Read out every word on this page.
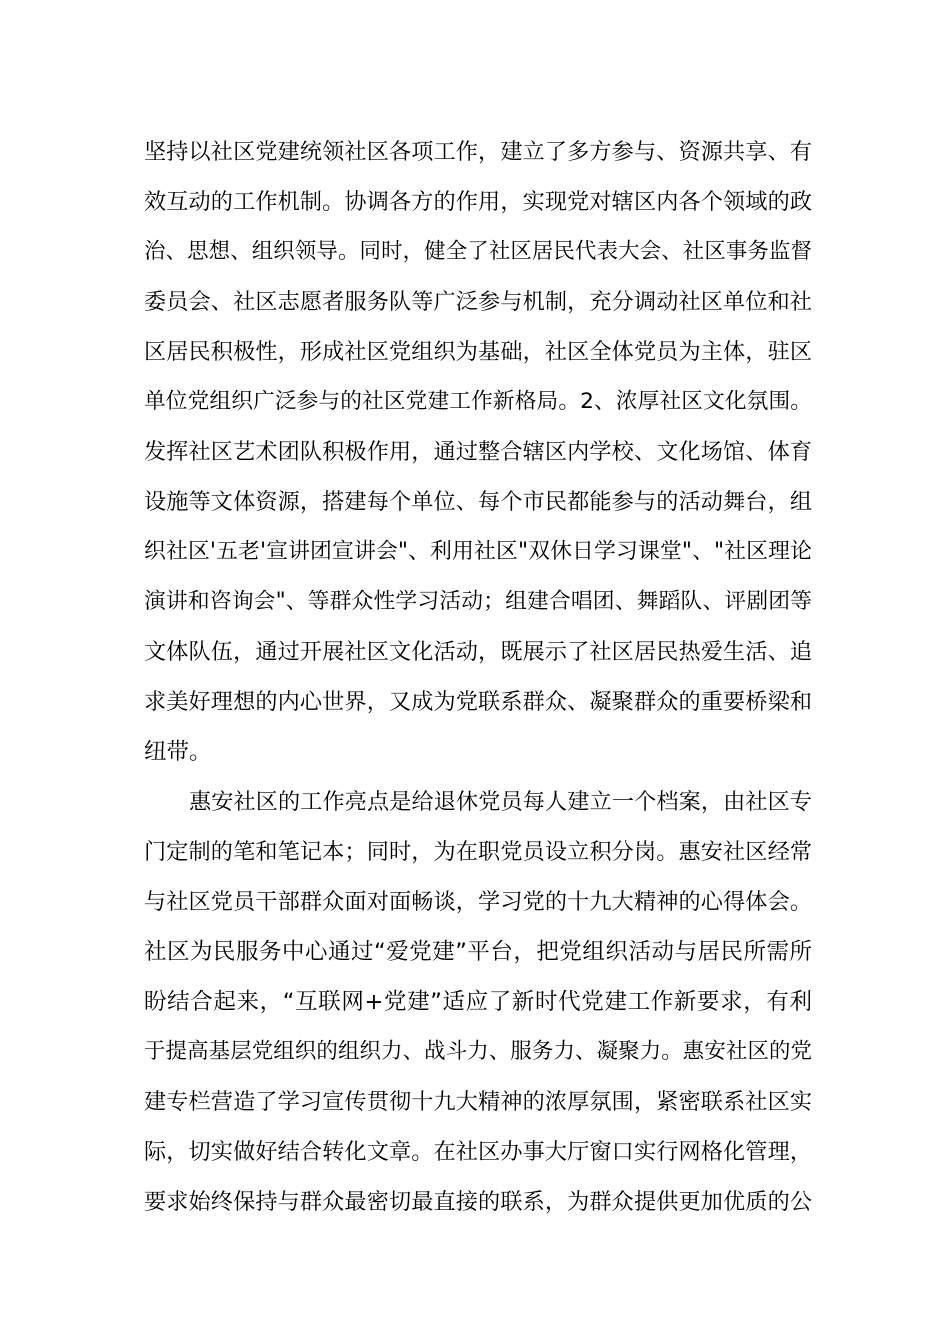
坚持以社区党建统领社区各项工作，建立了多方参与、资源共享、有
效互动的工作机制。协调各方的作用，实现党对辖区内各个领域的政
治、思想、组织领导。同时，健全了社区居民代表大会、社区事务监督
委员会、社区志愿者服务队等广泛参与机制，充分调动社区单位和社
区居民积极性，形成社区党组织为基础，社区全体党员为主体，驻区
单位党组织广泛参与的社区党建工作新格局。2、浓厚社区文化氛围。
发挥社区艺术团队积极作用，通过整合辖区内学校、文化场馆、体育
设施等文体资源，搭建每个单位、每个市民都能参与的活动舞台，组
织社区'五老'宣讲团宣讲会"、利用社区"双休日学习课堂"、"社区理论
演讲和咨询会"、等群众性学习活动；组建合唱团、舞蹈队、评剧团等
文体队伍，通过开展社区文化活动，既展示了社区居民热爱生活、追
求美好理想的内心世界，又成为党联系群众、凝聚群众的重要桥梁和
纽带。
惠安社区的工作亮点是给退休党员每人建立一个档案，由社区专
门定制的笔和笔记本；同时，为在职党员设立积分岗。惠安社区经常
与社区党员干部群众面对面畅谈，学习党的十九大精神的心得体会。
社区为民服务中心通过“爱党建”平台，把党组织活动与居民所需所
盼结合起来，“互联网+党建”适应了新时代党建工作新要求，有利
于提高基层党组织的组织力、战斗力、服务力、凝聚力。惠安社区的党
建专栏营造了学习宣传贯彻十九大精神的浓厚氛围，紧密联系社区实
际，切实做好结合转化文章。在社区办事大厅窗口实行网格化管理，
要求始终保持与群众最密切最直接的联系，为群众提供更加优质的公
